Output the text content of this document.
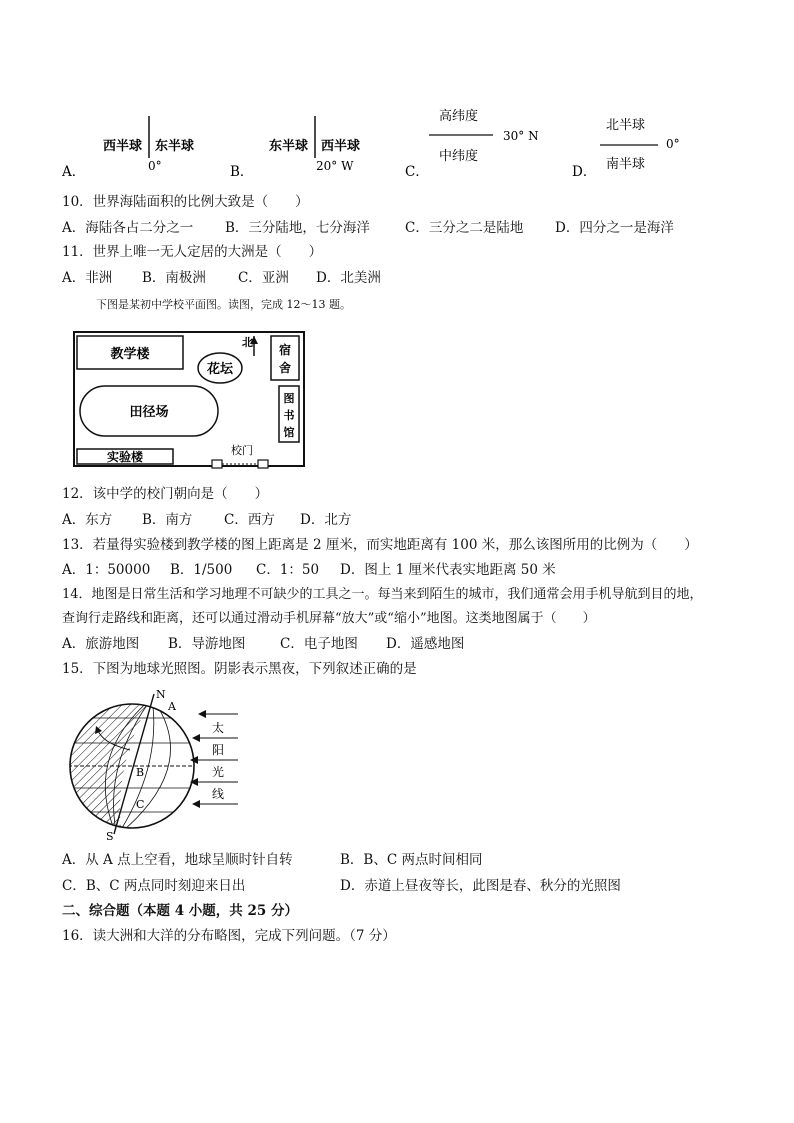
A．
西半球 东半球
0°	B．
东半球 西半球
20° W	C．
高纬度
中纬度
30° N
D．
北半球
南半球
0°
10．世界海陆面积的比例大致是（　　）
A．海陆各占二分之一 B．三分陆地，七分海洋	C．三分之二是陆地 D．四分之一是海洋
11．世界上唯一无人定居的大洲是（　　）
A．非洲 B．南极洲 C．亚洲 D．北美洲
下图是某初中学校平面图。读图，完成 12～13 题。
教学楼
花坛
北
宿
舍
田径场
图
书
馆
实验楼	校门
12．该中学的校门朝向是（　　）
A．东方 B．南方 C．西方 D．北方
13．若量得实验楼到教学楼的图上距离是 2 厘米，而实地距离有 100 米，那么该图所用的比例为（　　）
A．1：50000 B．1/500 C．1：50 D．图上 1 厘米代表实地距离 50 米
14．地图是日常生活和学习地理不可缺少的工具之一。每当来到陌生的城市，我们通常会用手机导航到目的地，
查询行走路线和距离，还可以通过滑动手机屏幕“放大”或“缩小”地图。这类地图属于（　　）
A．旅游地图 B．导游地图	C．电子地图 D．遥感地图
15．下图为地球光照图。阴影表示黑夜，下列叙述正确的是
N
A
B
C
S
太
阳
光
线
A．从 A 点上空看，地球呈顺时针自转	B．B、C 两点时间相同
C．B、C 两点同时刻迎来日出	D．赤道上昼夜等长，此图是春、秋分的光照图
二、综合题（本题 4 小题，共 25 分）
16．读大洲和大洋的分布略图，完成下列问题。（7 分）
